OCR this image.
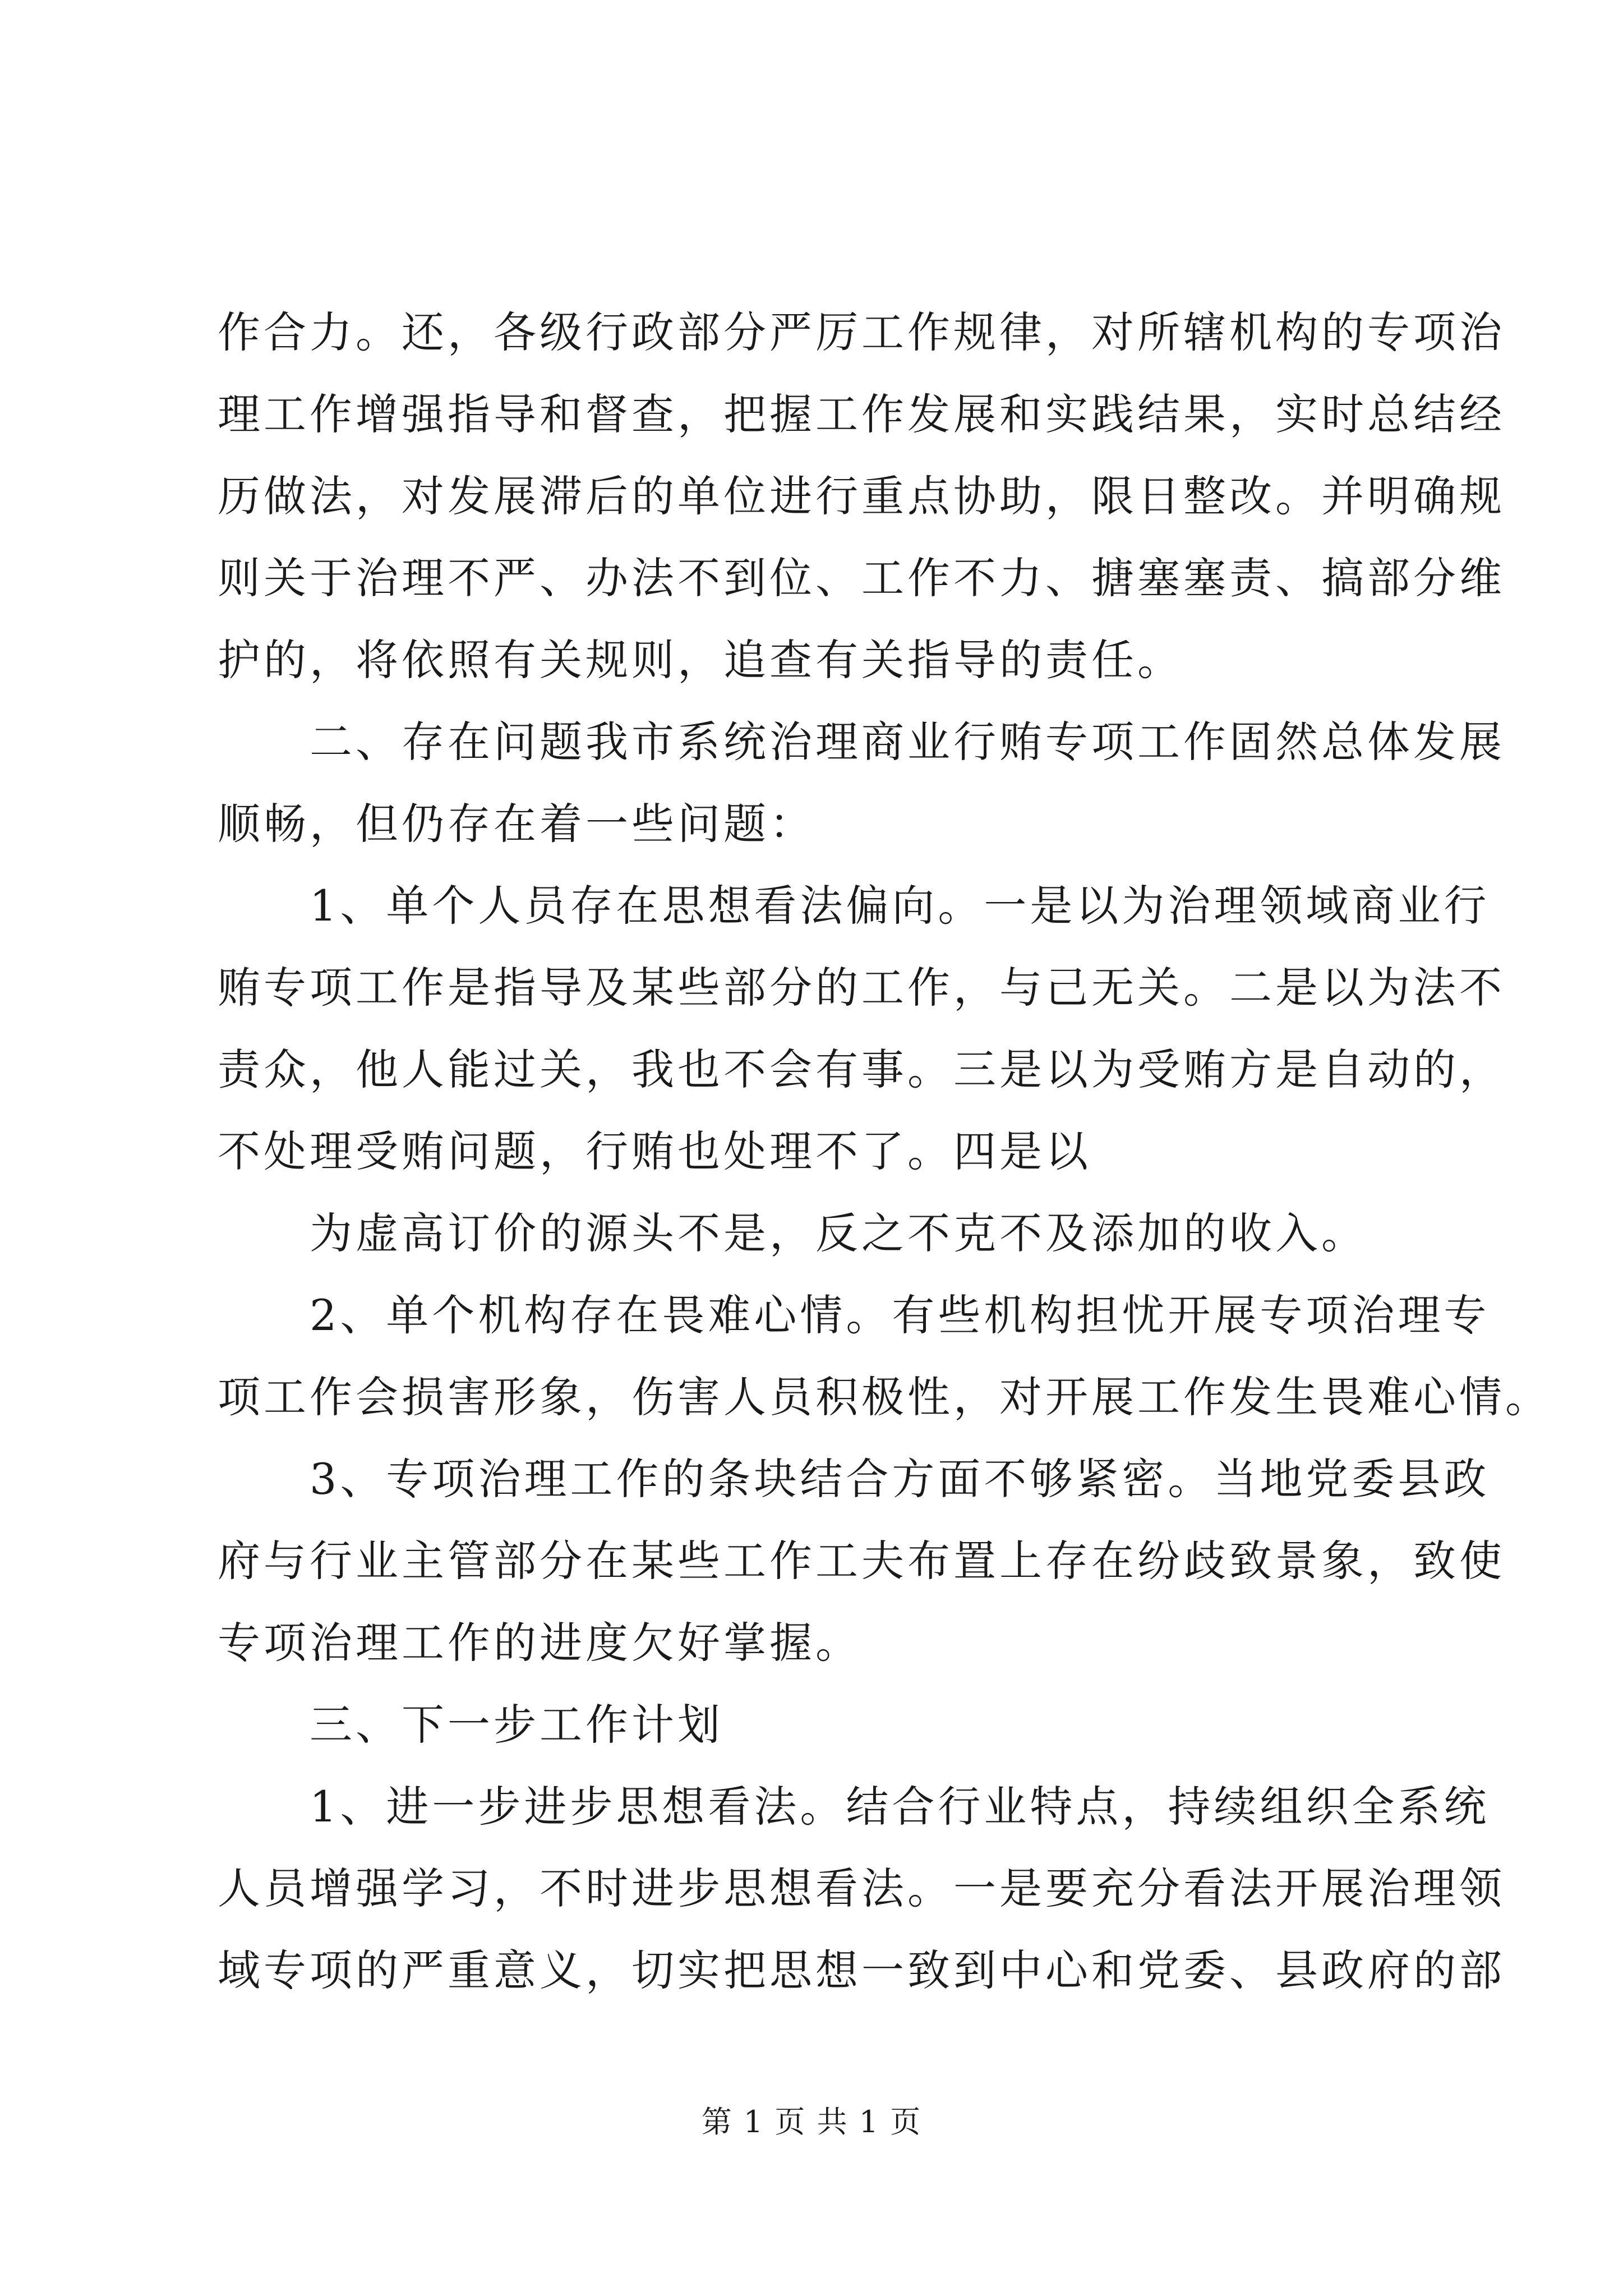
作合力。还，各级行政部分严厉工作规律，对所辖机构的专项治
理工作增强指导和督查，把握工作发展和实践结果，实时总结经
历做法，对发展滞后的单位进行重点协助，限日整改。并明确规
则关于治理不严、办法不到位、工作不力、搪塞塞责、搞部分维
护的，将依照有关规则，追查有关指导的责任。
二、存在问题我市系统治理商业行贿专项工作固然总体发展
顺畅，但仍存在着一些问题：
1、单个人员存在思想看法偏向。一是以为治理领域商业行
贿专项工作是指导及某些部分的工作，与己无关。二是以为法不
责众，他人能过关，我也不会有事。三是以为受贿方是自动的，
不处理受贿问题，行贿也处理不了。四是以
为虚高订价的源头不是，反之不克不及添加的收入。
2、单个机构存在畏难心情。有些机构担忧开展专项治理专
项工作会损害形象，伤害人员积极性，对开展工作发生畏难心情。
3、专项治理工作的条块结合方面不够紧密。当地党委县政
府与行业主管部分在某些工作工夫布置上存在纷歧致景象，致使
专项治理工作的进度欠好掌握。
三、下一步工作计划
1、进一步进步思想看法。结合行业特点，持续组织全系统
人员增强学习，不时进步思想看法。一是要充分看法开展治理领
域专项的严重意义，切实把思想一致到中心和党委、县政府的部
第 1 页 共 1 页
